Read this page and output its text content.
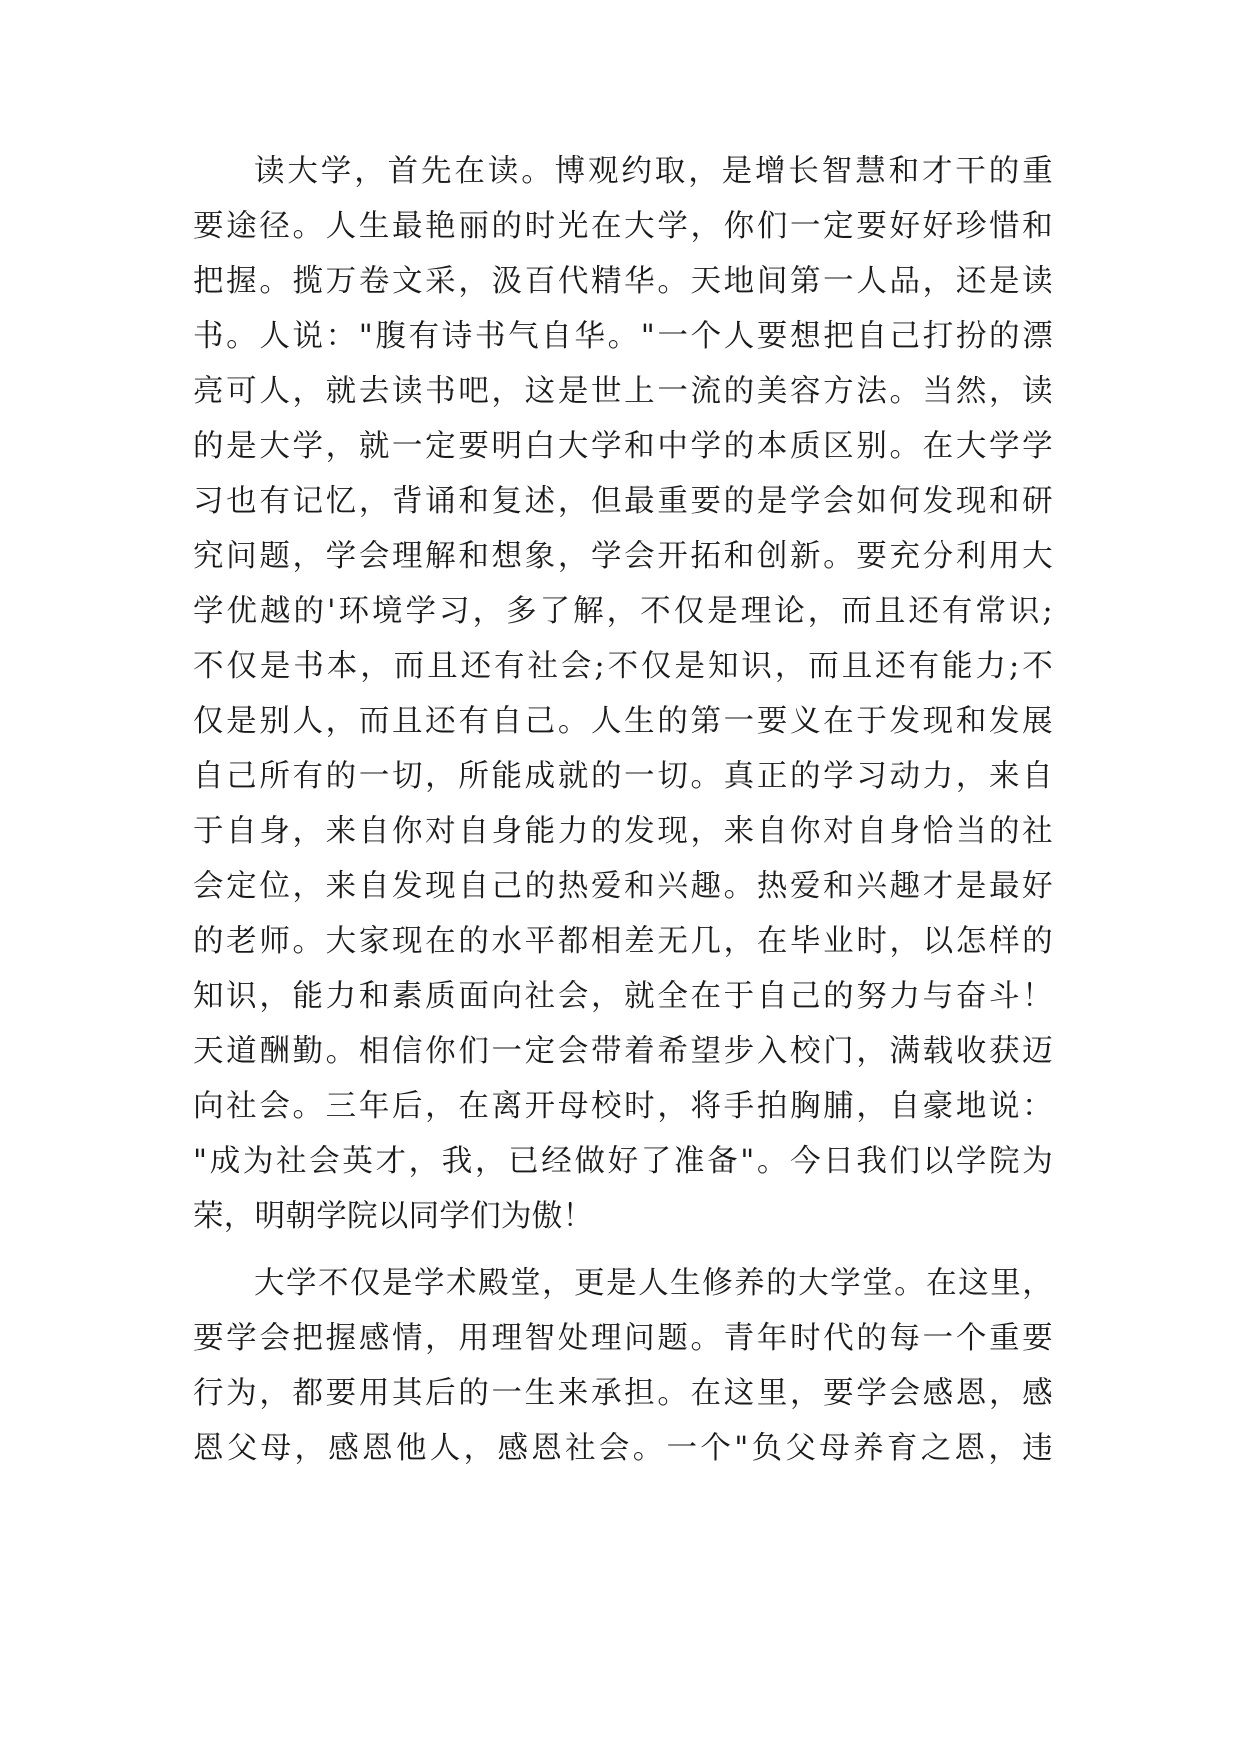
读大学，首先在读。博观约取，是增长智慧和才干的重
要途径。人生最艳丽的时光在大学，你们一定要好好珍惜和
把握。揽万卷文采，汲百代精华。天地间第一人品，还是读
书。人说："腹有诗书气自华。"一个人要想把自己打扮的漂
亮可人，就去读书吧，这是世上一流的美容方法。当然，读
的是大学，就一定要明白大学和中学的本质区别。在大学学
习也有记忆，背诵和复述，但最重要的是学会如何发现和研
究问题，学会理解和想象，学会开拓和创新。要充分利用大
学优越的'环境学习，多了解，不仅是理论，而且还有常识;
不仅是书本，而且还有社会;不仅是知识，而且还有能力;不
仅是别人，而且还有自己。人生的第一要义在于发现和发展
自己所有的一切，所能成就的一切。真正的学习动力，来自
于自身，来自你对自身能力的发现，来自你对自身恰当的社
会定位，来自发现自己的热爱和兴趣。热爱和兴趣才是最好
的老师。大家现在的水平都相差无几，在毕业时，以怎样的
知识，能力和素质面向社会，就全在于自己的努力与奋斗！
天道酬勤。相信你们一定会带着希望步入校门，满载收获迈
向社会。三年后，在离开母校时，将手拍胸脯，自豪地说：
"成为社会英才，我，已经做好了准备"。今日我们以学院为
荣，明朝学院以同学们为傲！
大学不仅是学术殿堂，更是人生修养的大学堂。在这里，
要学会把握感情，用理智处理问题。青年时代的每一个重要
行为，都要用其后的一生来承担。在这里，要学会感恩，感
恩父母，感恩他人，感恩社会。一个"负父母养育之恩，违
